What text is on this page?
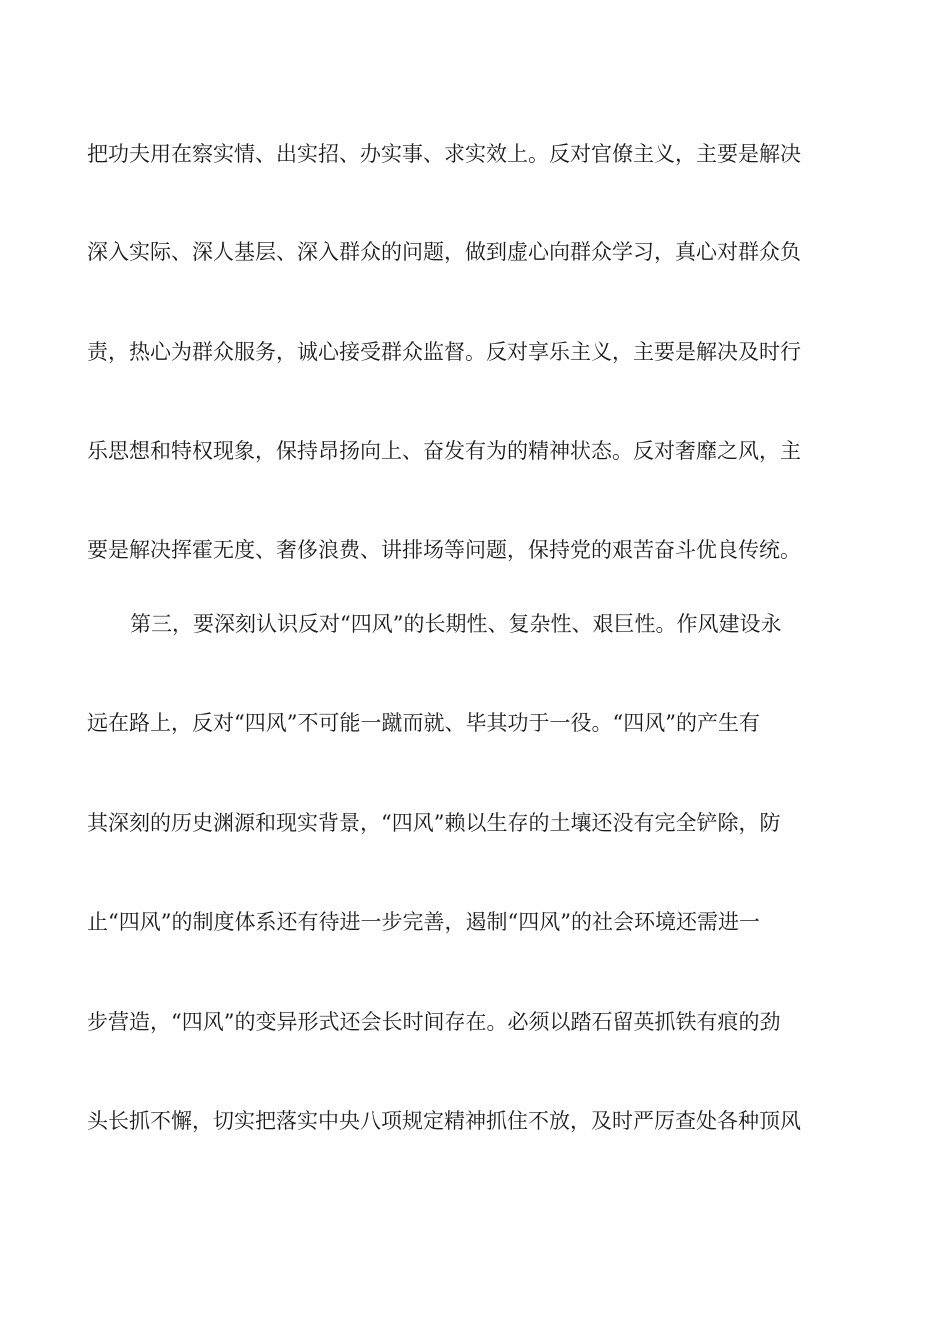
把功夫用在察实情、出实招、办实事、求实效上。反对官僚主义，主要是解决
深入实际、深人基层、深入群众的问题，做到虚心向群众学习，真心对群众负
责，热心为群众服务，诚心接受群众监督。反对享乐主义，主要是解决及时行
乐思想和特权现象，保持昂扬向上、奋发有为的精神状态。反对奢靡之风，主
要是解决挥霍无度、奢侈浪费、讲排场等问题，保持党的艰苦奋斗优良传统。
第三，要深刻认识反对“四风”的长期性、复杂性、艰巨性。作风建设永
远在路上，反对“四风”不可能一蹴而就、毕其功于一役。“四风”的产生有
其深刻的历史渊源和现实背景，“四风”赖以生存的土壤还没有完全铲除，防
止“四风”的制度体系还有待进一步完善，遏制“四风”的社会环境还需进一
步营造，“四风”的变异形式还会长时间存在。必须以踏石留英抓铁有痕的劲
头长抓不懈，切实把落实中央八项规定精神抓住不放，及时严厉查处各种顶风
